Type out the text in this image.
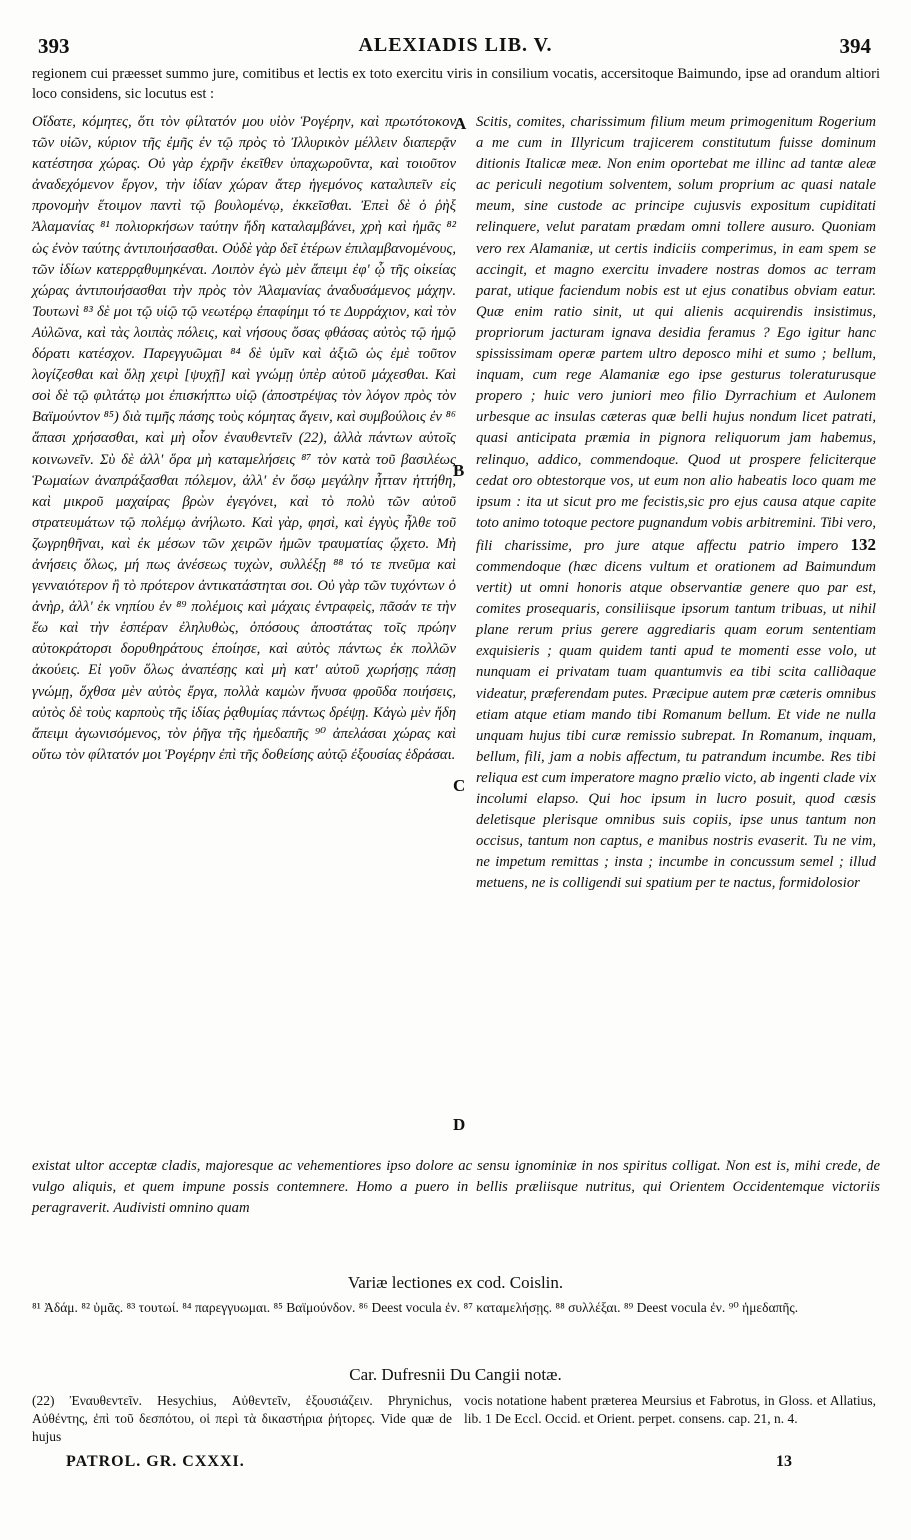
393	ALEXIADIS LIB. V.	394
regionem cui præesset summo jure, comitibus et lectis ex toto exercitu viris in consilium vocatis, accersitoque Baimundo, ipse ad orandum altiori loco considens, sic locutus est :
Οἴδατε, κόμητες, ὅτι τὸν φίλτατόν μου υἱὸν Ῥογέρην, καὶ πρωτότοκον τῶν υἱῶν, κύριον τῆς ἐμῆς ἐν τῷ πρὸς τὸ Ἰλλυρικὸν μέλλειν διαπερᾷν κατέστησα χώρας. Οὐ γὰρ ἐχρῆν ἐκεῖθεν ὑπαχωροῦντα, καὶ τοιοῦτον ἀναδεχόμενον ἔργον, τὴν ἰδίαν χώραν ἄτερ ἡγεμόνος καταλιπεῖν εἰς προνομὴν ἕτοιμον παντὶ τῷ βουλομένῳ, ἐκκεῖσθαι. Ἐπεὶ δὲ ὁ ῥὴξ Ἀλαμανίας ⁸¹ πολιορκήσων ταύτην ἤδη καταλαμβάνει, χρὴ καὶ ἡμᾶς ⁸² ὡς ἐνὸν ταύτης ἀντιποιήσασθαι. Οὐδὲ γὰρ δεῖ ἑτέρων ἐπιλαμβανομένους, τῶν ἰδίων κατερρᾳθυμηκέναι. Λοιπὸν ἐγὼ μὲν ἄπειμι ἐφ' ᾧ τῆς οἰκείας χώρας ἀντιποιήσασθαι τὴν πρὸς τὸν Ἀλαμανίας ἀναδυσάμενος μάχην. Τουτωνὶ ⁸³ δὲ μοι τῷ υἱῷ τῷ νεωτέρῳ ἐπαφίημι τό τε Δυρράχιον, καὶ τὸν Αὐλῶνα, καὶ τὰς λοιπὰς πόλεις, καὶ νήσους ὅσας φθάσας αὐτὸς τῷ ἡμῷ δόρατι κατέσχον. Παρεγγυῶμαι ⁸⁴ δὲ ὑμῖν καὶ ἀξιῶ ὡς ἐμὲ τοῦτον λογίζεσθαι καὶ ὅλῃ χειρὶ [ψυχῇ] καὶ γνώμῃ ὑπὲρ αὐτοῦ μάχεσθαι. Καὶ σοὶ δὲ τῷ φιλτάτῳ μοι ἐπισκήπτω υἱῷ (ἀποστρέψας τὸν λόγον πρὸς τὸν Βαϊμούντον ⁸⁵) διὰ τιμῆς πάσης τοὺς κόμητας ἄγειν, καὶ συμβούλοις ἐν ⁸⁶ ἅπασι χρήσασθαι, καὶ μὴ οἷον ἐναυθεντεῖν (22), ἀλλὰ πάντων αὐτοῖς κοινωνεῖν. Σὺ δὲ ἀλλ' ὅρα μὴ καταμελήσεις ⁸⁷ τὸν κατὰ τοῦ βασιλέως Ῥωμαίων ἀναπράξασθαι πόλεμον, ἀλλ' ἐν ὅσῳ μεγάλην ἧτταν ἡττήθη, καὶ μικροῦ μαχαίρας βρὼν ἐγεγόνει, καὶ τὸ πολὺ τῶν αὐτοῦ στρατευμάτων τῷ πολέμῳ ἀνήλωτο. Καὶ γὰρ, φησὶ, καὶ ἐγγὺς ἦλθε τοῦ ζωγρηθῆναι, καὶ ἐκ μέσων τῶν χειρῶν ἡμῶν τραυματίας ᾤχετο. Μὴ ἀνήσεις ὅλως, μή πως ἀνέσεως τυχὼν, συλλέξῃ ⁸⁸ τό τε πνεῦμα καὶ γενναιότερον ἢ τὸ πρότερον ἀντικατάστηται σοι. Οὐ γὰρ τῶν τυχόντων ὁ ἀνὴρ, ἀλλ' ἐκ νηπίου ἐν ⁸⁹ πολέμοις καὶ μάχαις ἐντραφεὶς, πᾶσάν τε τὴν ἕω καὶ τὴν ἑσπέραν ἐληλυθὼς, ὁπόσους ἀποστάτας τοῖς πρώην αὐτοκράτορσι δορυθηράτους ἐποίησε, καὶ αὐτὸς πάντως ἐκ πολλῶν ἀκούεις. Εἰ γοῦν ὅλως ἀναπέσῃς καὶ μὴ κατ' αὐτοῦ χωρήσῃς πάσῃ γνώμῃ, ὅχθσα μὲν αὐτὸς ἔργα, πολλὰ καμὼν ἤνυσα φροῦδα ποιήσεις, αὐτὸς δὲ τοὺς καρποὺς τῆς ἰδίας ῥᾳθυμίας πάντως δρέψῃ. Κἀγὼ μὲν ἤδη ἄπειμι ἀγωνισόμενος, τὸν ῥῆγα τῆς ἡμεδαπῆς ⁹⁰ ἀπελάσαι χώρας καὶ οὕτω τὸν φίλτατόν μοι Ῥογέρην ἐπὶ τῆς δοθείσης αὐτῷ ἐξουσίας ἑδράσαι.
Scitis, comites, charissimum filium meum primogenitum Rogerium a me cum in Illyricum trajicerem constitutum fuisse dominum ditionis Italicæ meæ. Non enim oportebat me illinc ad tantæ aleæ ac periculi negotium solventem, solum proprium ac quasi natale meum, sine custode ac principe cujusvis expositum cupiditati relinquere, velut paratam prædam omni tollere ausuro. Quoniam vero rex Alamaniæ, ut certis indiciis comperimus, in eam spem se accingit, et magno exercitu invadere nostras domos ac terram parat, utique faciendum nobis est ut ejus conatibus obviam eatur. Quæ enim ratio sinit, ut qui alienis acquirendis insistimus, propriorum jacturam ignava desidia feramus ? Ego igitur hanc spississimam operæ partem ultro deposco mihi et sumo ; bellum, inquam, cum rege Alamaniæ ego ipse gesturus toleraturusque propero ; huic vero juniori meo filio Dyrrachium et Aulonem urbesque ac insulas cæteras quæ belli hujus nondum licet patrati, quasi anticipata præmia in pignora reliquorum jam habemus, relinquo, addico, commendoque. Quod ut prospere feliciterque cedat oro obtestorque vos, ut eum non alio habeatis loco quam me ipsum : ita ut sicut pro me fecistis,sic pro ejus causa atque capite toto animo totoque pectore pugnandum vobis arbitremini. Tibi vero, fili charissime, pro jure atque affectu patrio impero 132 commendoque (hæc dicens vultum et orationem ad Baimundum vertit) ut omni honoris atque observantiæ genere quo par est, comites prosequaris, consiliisque ipsorum tantum tribuas, ut nihil plane rerum prius gerere aggrediaris quam eorum sententiam exquisieris ; quam quidem tanti apud te momenti esse volo, ut nunquam ei privatam tuam quantumvis ea tibi scita calliдаque videatur, præferendam putes. Præcipue autem præ cæteris omnibus etiam atque etiam mando tibi Romanum bellum. Et vide ne nulla unquam hujus tibi curæ remissio subrepat. In Romanum, inquam, bellum, fili, jam a nobis affectum, tu patrandum incumbe. Res tibi reliqua est cum imperatore magno prælio victo, ab ingenti clade vix incolumi elapso. Qui hoc ipsum in lucro posuit, quod cæsis deletisque plerisque omnibus suis copiis, ipse unus tantum non occisus, tantum non captus, e manibus nostris evaserit. Tu ne vim, ne impetum remittas ; insta ; incumbe in concussum semel ; illud metuens, ne is colligendi sui spatium per te nactus, formidolosior
A
B
C
D
existat ultor acceptæ cladis, majoresque ac vehementiores ipso dolore ac sensu ignominiæ in nos spiritus colligat. Non est is, mihi crede, de vulgo aliquis, et quem impune possis contemnere. Homo a puero in bellis præliisque nutritus, qui Orientem Occidentemque victoriis peragraverit. Audivisti omnino quam
Variæ lectiones ex cod. Coislin.
⁸¹ Ἀδάμ. ⁸² ὑμᾶς. ⁸³ τουτωί. ⁸⁴ παρεγγυωμαι. ⁸⁵ Βαϊμούνδον. ⁸⁶ Deest vocula ἐν. ⁸⁷ καταμελήσῃς. ⁸⁸ συλλέξαι. ⁸⁹ Deest vocula ἐν. ⁹⁰ ἡμεδαπῆς.
Car. Dufresnii Du Cangii notæ.
(22) Ἐναυθεντεῖν. Hesychius, Αὐθεντεῖν, ἐξουσιάζειν. Phrynichus, Αὐθέντης, ἐπὶ τοῦ δεσπότου, οἱ περὶ τὰ δικαστήρια ῥήτορες. Vide quæ de hujus
vocis notatione habent præterea Meursius et Fabrotus, in Gloss. et Allatius, lib. 1 De Eccl. Occid. et Orient. perpet. consens. cap. 21, n. 4.
PATROL. GR. CXXXI.	13
